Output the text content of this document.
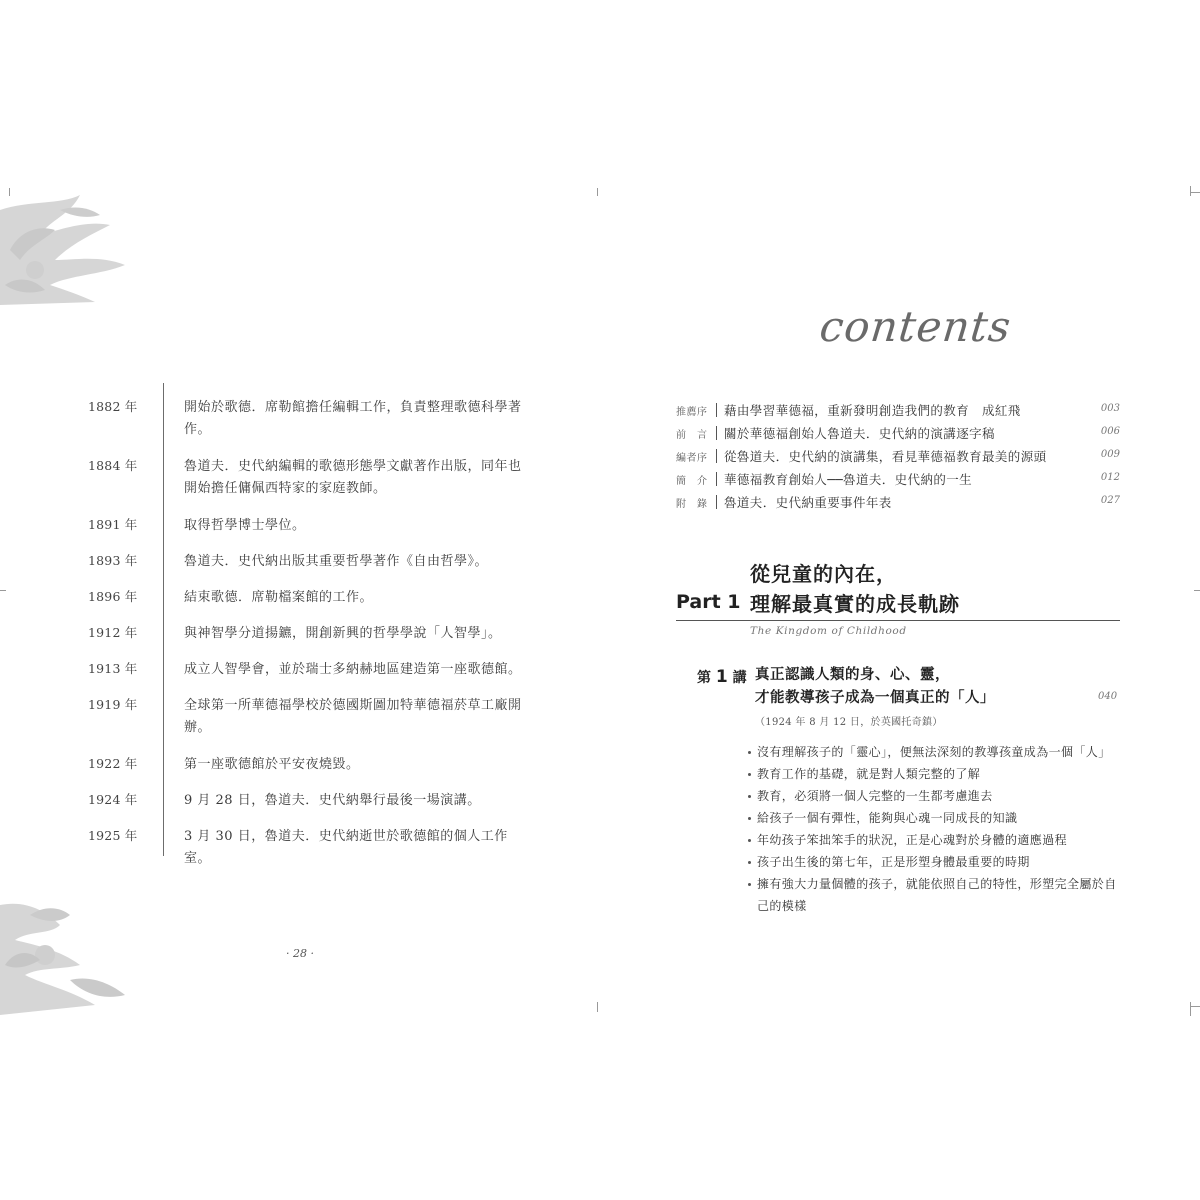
1882 年	開始於歌德．席勒館擔任編輯工作，負責整理歌德科學著作。
1884 年	魯道夫．史代納編輯的歌德形態學文獻著作出版，同年也開始擔任傭佩西特家的家庭教師。
1891 年	取得哲學博士學位。
1893 年	魯道夫．史代納出版其重要哲學著作《自由哲學》。
1896 年	結束歌德．席勒檔案館的工作。
1912 年	與神智學分道揚鑣，開創新興的哲學學說「人智學」。
1913 年	成立人智學會，並於瑞士多納赫地區建造第一座歌德館。
1919 年	全球第一所華德福學校於德國斯圖加特華德福菸草工廠開辦。
1922 年	第一座歌德館於平安夜燒毀。
1924 年	9 月 28 日，魯道夫．史代納舉行最後一場演講。
1925 年	3 月 30 日，魯道夫．史代納逝世於歌德館的個人工作室。
· 28 ·
contents
推薦序	藉由學習華德福，重新發明創造我們的教育　成紅飛	003
前　言	關於華德福創始人魯道夫．史代納的演講逐字稿	006
編者序	從魯道夫．史代納的演講集，看見華德福教育最美的源頭	009
簡　介	華德福教育創始人──魯道夫．史代納的一生	012
附　錄	魯道夫．史代納重要事件年表	027
Part 1
從兒童的內在，
理解最真實的成長軌跡
The Kingdom of Childhood
第 1 講 真正認識人類的身、心、靈，
才能教導孩子成為一個真正的「人」	040
（1924 年 8 月 12 日，於英國托奇鎮）
沒有理解孩子的「靈心」，便無法深刻的教導孩童成為一個「人」
教育工作的基礎，就是對人類完整的了解
教育，必須將一個人完整的一生都考慮進去
給孩子一個有彈性，能夠與心魂一同成長的知識
年幼孩子笨拙笨手的狀況，正是心魂對於身體的適應過程
孩子出生後的第七年，正是形塑身體最重要的時期
擁有強大力量個體的孩子，就能依照自己的特性，形塑完全屬於自己的模樣
